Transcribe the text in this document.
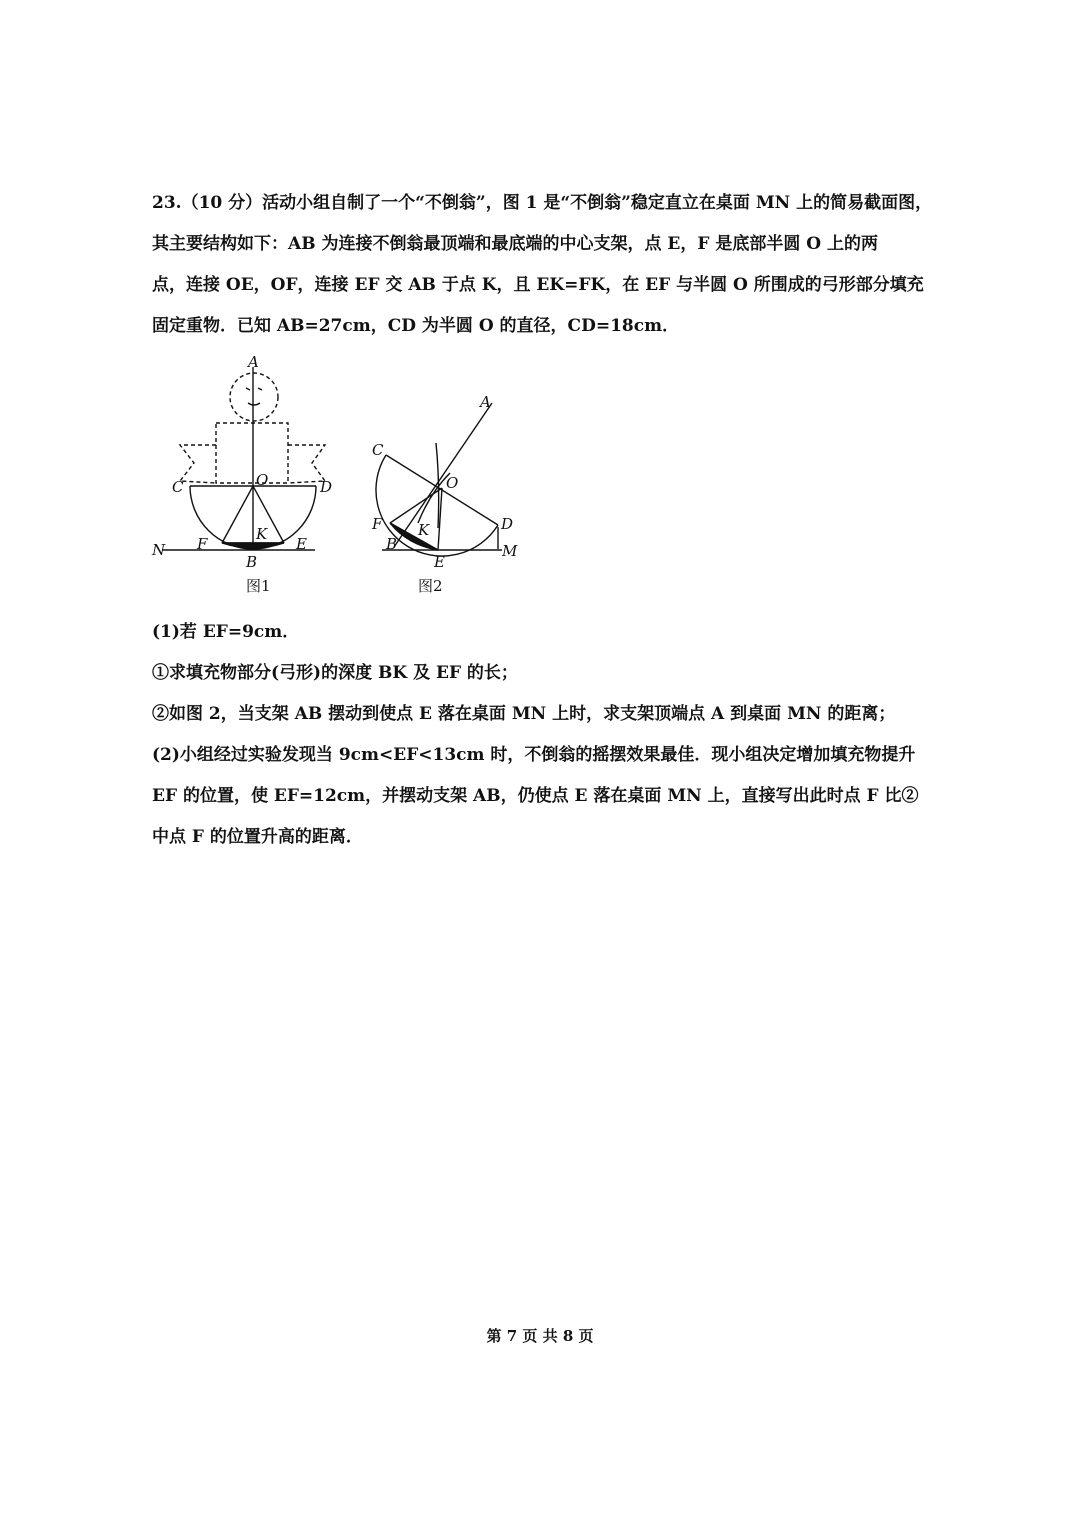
23.（10 分）活动小组自制了一个“不倒翁”，图 1 是“不倒翁”稳定直立在桌面 MN 上的简易截面图，
其主要结构如下：AB 为连接不倒翁最顶端和最底端的中心支架，点 E，F 是底部半圆 O 上的两
点，连接 OE，OF，连接 EF 交 AB 于点 K，且 EK=FK，在 EF 与半圆 O 所围成的弓形部分填充
固定重物．已知 AB=27cm，CD 为半圆 O 的直径，CD=18cm．
A
C	D
O
K
F	E
B
N
图1
A
C
O
F K	D
B
E
M
图2
(1)若 EF=9cm．
①求填充物部分(弓形)的深度 BK 及 EF 的长；
②如图 2，当支架 AB 摆动到使点 E 落在桌面 MN 上时，求支架顶端点 A 到桌面 MN 的距离；
(2)小组经过实验发现当 9cm<EF<13cm 时，不倒翁的摇摆效果最佳．现小组决定增加填充物提升
EF 的位置，使 EF=12cm，并摆动支架 AB，仍使点 E 落在桌面 MN 上，直接写出此时点 F 比②
中点 F 的位置升高的距离．
第 7 页 共 8 页
